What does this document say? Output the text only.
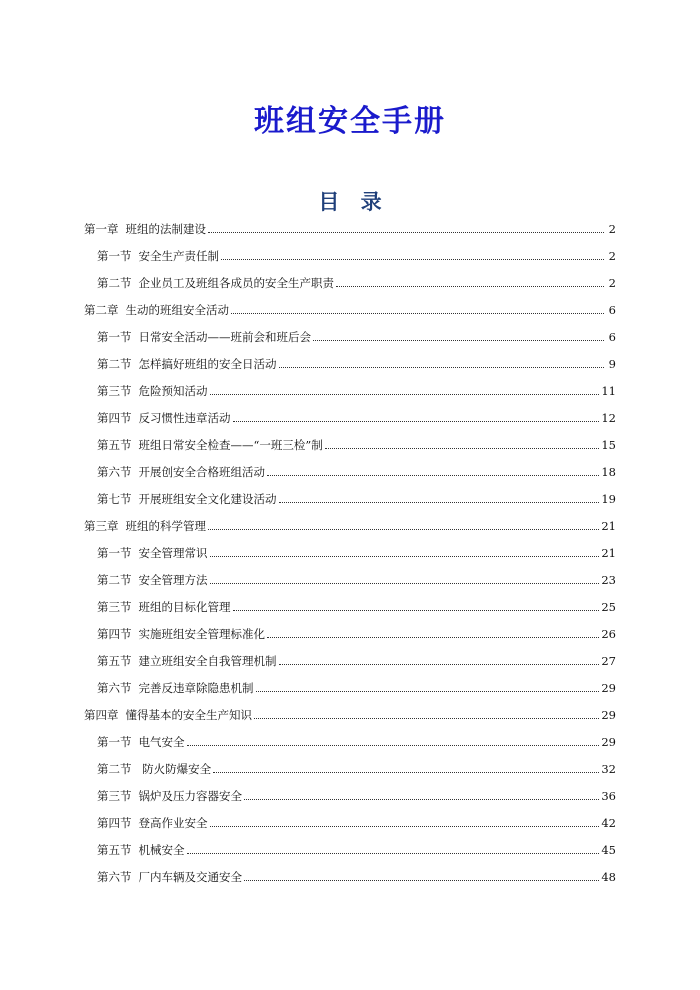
班组安全手册
目 录
第一章 班组的法制建设	2
第一节 安全生产责任制	2
第二节 企业员工及班组各成员的安全生产职责	2
第二章 生动的班组安全活动	6
第一节 日常安全活动——班前会和班后会	6
第二节 怎样搞好班组的安全日活动	9
第三节 危险预知活动	11
第四节 反习惯性违章活动	12
第五节 班组日常安全检查——“一班三检”制	15
第六节 开展创安全合格班组活动	18
第七节 开展班组安全文化建设活动	19
第三章 班组的科学管理	21
第一节 安全管理常识	21
第二节 安全管理方法	23
第三节 班组的目标化管理	25
第四节 实施班组安全管理标准化	26
第五节 建立班组安全自我管理机制	27
第六节 完善反违章除隐患机制	29
第四章 懂得基本的安全生产知识	29
第一节 电气安全	29
第二节 防火防爆安全	32
第三节 锅炉及压力容器安全	36
第四节 登高作业安全	42
第五节 机械安全	45
第六节 厂内车辆及交通安全	48
